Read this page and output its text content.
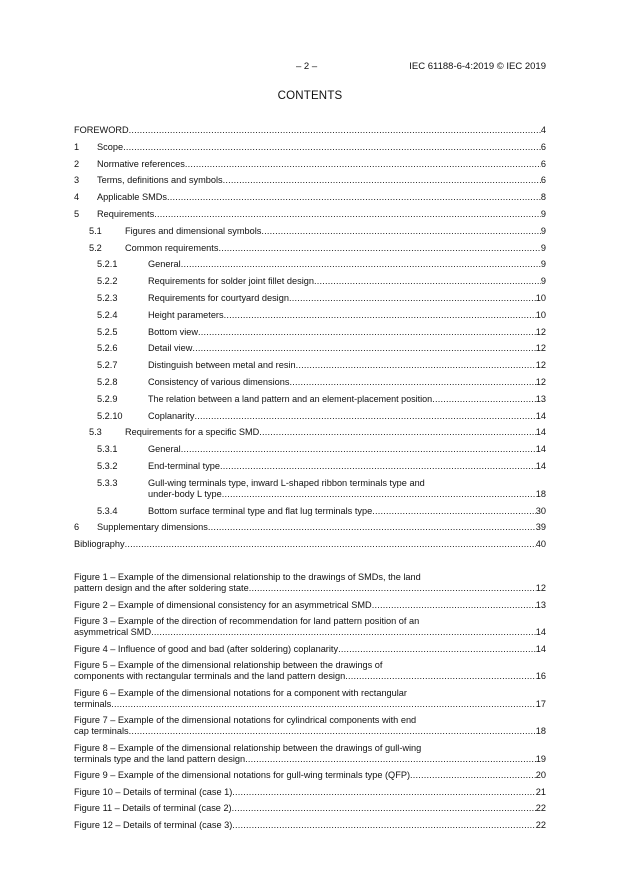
– 2 –	IEC 61188-6-4:2019 © IEC 2019
CONTENTS
FOREWORD .....	4
1 Scope .....	6
2 Normative references .....	6
3 Terms, definitions and symbols .....	6
4 Applicable SMDs .....	8
5 Requirements .....	9
5.1	Figures and dimensional symbols .....	9
5.2	Common requirements .....	9
5.2.1	General .....	9
5.2.2	Requirements for solder joint fillet design .....	9
5.2.3	Requirements for courtyard design .....	10
5.2.4	Height parameters .....	10
5.2.5	Bottom view .....	12
5.2.6	Detail view .....	12
5.2.7	Distinguish between metal and resin .....	12
5.2.8	Consistency of various dimensions .....	12
5.2.9	The relation between a land pattern and an element-placement position .....	13
5.2.10	Coplanarity .....	14
5.3	Requirements for a specific SMD .....	14
5.3.1	General .....	14
5.3.2	End-terminal type .....	14
5.3.3	Gull-wing terminals type, inward L-shaped ribbon terminals type and
under-body L type .....	18
5.3.4	Bottom surface terminal type and flat lug terminals type .....	30
6 Supplementary dimensions .....	39
Bibliography .....	40
Figure 1 – Example of the dimensional relationship to the drawings of SMDs, the land
pattern design and the after soldering state .....	12
Figure 2 – Example of dimensional consistency for an asymmetrical SMD .....	13
Figure 3 – Example of the direction of recommendation for land pattern position of an
asymmetrical SMD .....	14
Figure 4 – Influence of good and bad (after soldering) coplanarity .....	14
Figure 5 – Example of the dimensional relationship between the drawings of
components with rectangular terminals and the land pattern design .....	16
Figure 6 – Example of the dimensional notations for a component with rectangular
terminals .....	17
Figure 7 – Example of the dimensional notations for cylindrical components with end
cap terminals .....	18
Figure 8 – Example of the dimensional relationship between the drawings of gull-wing
terminals type and the land pattern design .....	19
Figure 9 – Example of the dimensional notations for gull-wing terminals type (QFP) .....	20
Figure 10 – Details of terminal (case 1) .....	21
Figure 11 – Details of terminal (case 2) .....	22
Figure 12 – Details of terminal (case 3) .....	22
